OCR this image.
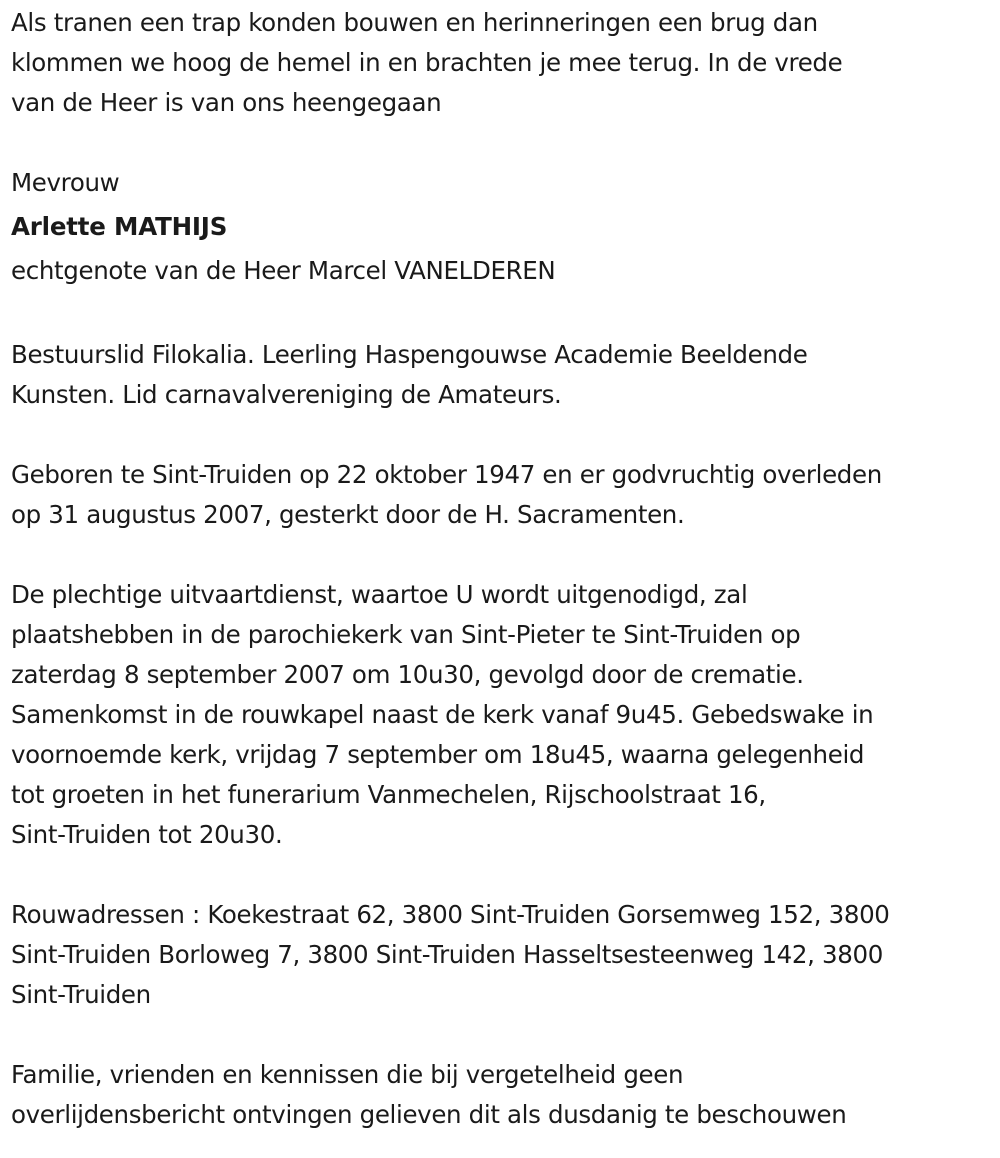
Als tranen een trap konden bouwen en herinneringen een brug dan
klommen we hoog de hemel in en brachten je mee terug. In de vrede
van de Heer is van ons heengegaan
Mevrouw
Arlette MATHIJS
echtgenote van de Heer Marcel VANELDEREN
Bestuurslid Filokalia. Leerling Haspengouwse Academie Beeldende
Kunsten. Lid carnavalvereniging de Amateurs.
Geboren te Sint-Truiden op 22 oktober 1947 en er godvruchtig overleden
op 31 augustus 2007, gesterkt door de H. Sacramenten.
De plechtige uitvaartdienst, waartoe U wordt uitgenodigd, zal
plaatshebben in de parochiekerk van Sint-Pieter te Sint-Truiden op
zaterdag 8 september 2007 om 10u30, gevolgd door de crematie.
Samenkomst in de rouwkapel naast de kerk vanaf 9u45. Gebedswake in
voornoemde kerk, vrijdag 7 september om 18u45, waarna gelegenheid
tot groeten in het funerarium Vanmechelen, Rijschoolstraat 16,
Sint-Truiden tot 20u30.
Rouwadressen : Koekestraat 62, 3800 Sint-Truiden Gorsemweg 152, 3800
Sint-Truiden Borloweg 7, 3800 Sint-Truiden Hasseltsesteenweg 142, 3800
Sint-Truiden
Familie, vrienden en kennissen die bij vergetelheid geen
overlijdensbericht ontvingen gelieven dit als dusdanig te beschouwen
